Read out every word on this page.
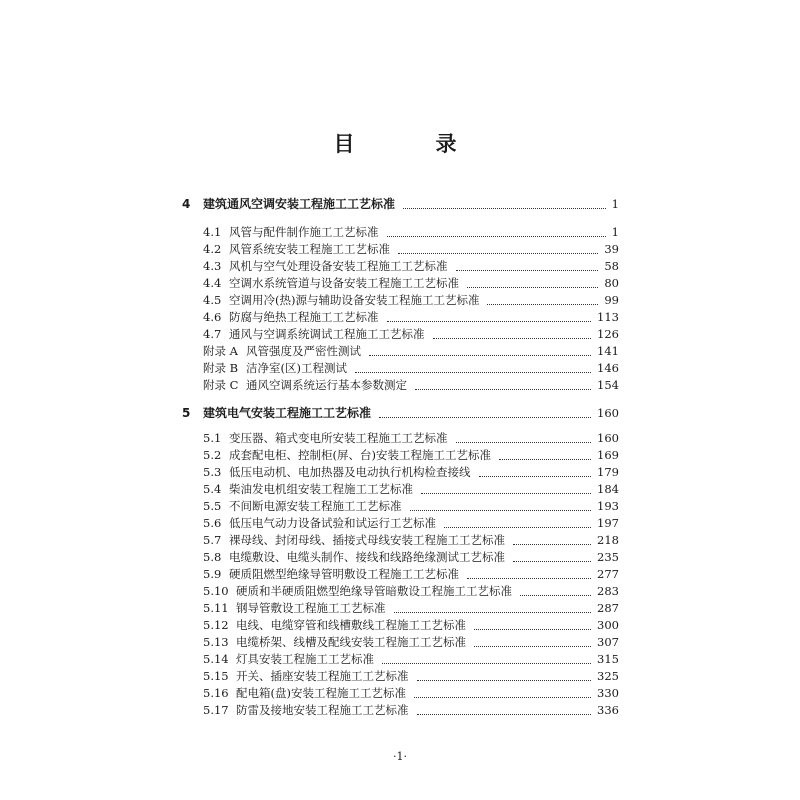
目　录
4 建筑通风空调安装工程施工工艺标准	1
4.1 风管与配件制作施工工艺标准	1
4.2 风管系统安装工程施工工艺标准	39
4.3 风机与空气处理设备安装工程施工工艺标准	58
4.4 空调水系统管道与设备安装工程施工工艺标准	80
4.5 空调用冷(热)源与辅助设备安装工程施工工艺标准	99
4.6 防腐与绝热工程施工工艺标准	113
4.7 通风与空调系统调试工程施工工艺标准	126
附录 A 风管强度及严密性测试	141
附录 B 洁净室(区)工程测试	146
附录 C 通风空调系统运行基本参数测定	154
5 建筑电气安装工程施工工艺标准	160
5.1 变压器、箱式变电所安装工程施工工艺标准	160
5.2 成套配电柜、控制柜(屏、台)安装工程施工工艺标准	169
5.3 低压电动机、电加热器及电动执行机构检查接线	179
5.4 柴油发电机组安装工程施工工艺标准	184
5.5 不间断电源安装工程施工工艺标准	193
5.6 低压电气动力设备试验和试运行工艺标准	197
5.7 裸母线、封闭母线、插接式母线安装工程施工工艺标准	218
5.8 电缆敷设、电缆头制作、接线和线路绝缘测试工艺标准	235
5.9 硬质阻燃型绝缘导管明敷设工程施工工艺标准	277
5.10 硬质和半硬质阻燃型绝缘导管暗敷设工程施工工艺标准	283
5.11 钢导管敷设工程施工工艺标准	287
5.12 电线、电缆穿管和线槽敷线工程施工工艺标准	300
5.13 电缆桥架、线槽及配线安装工程施工工艺标准	307
5.14 灯具安装工程施工工艺标准	315
5.15 开关、插座安装工程施工工艺标准	325
5.16 配电箱(盘)安装工程施工工艺标准	330
5.17 防雷及接地安装工程施工工艺标准	336
·1·
